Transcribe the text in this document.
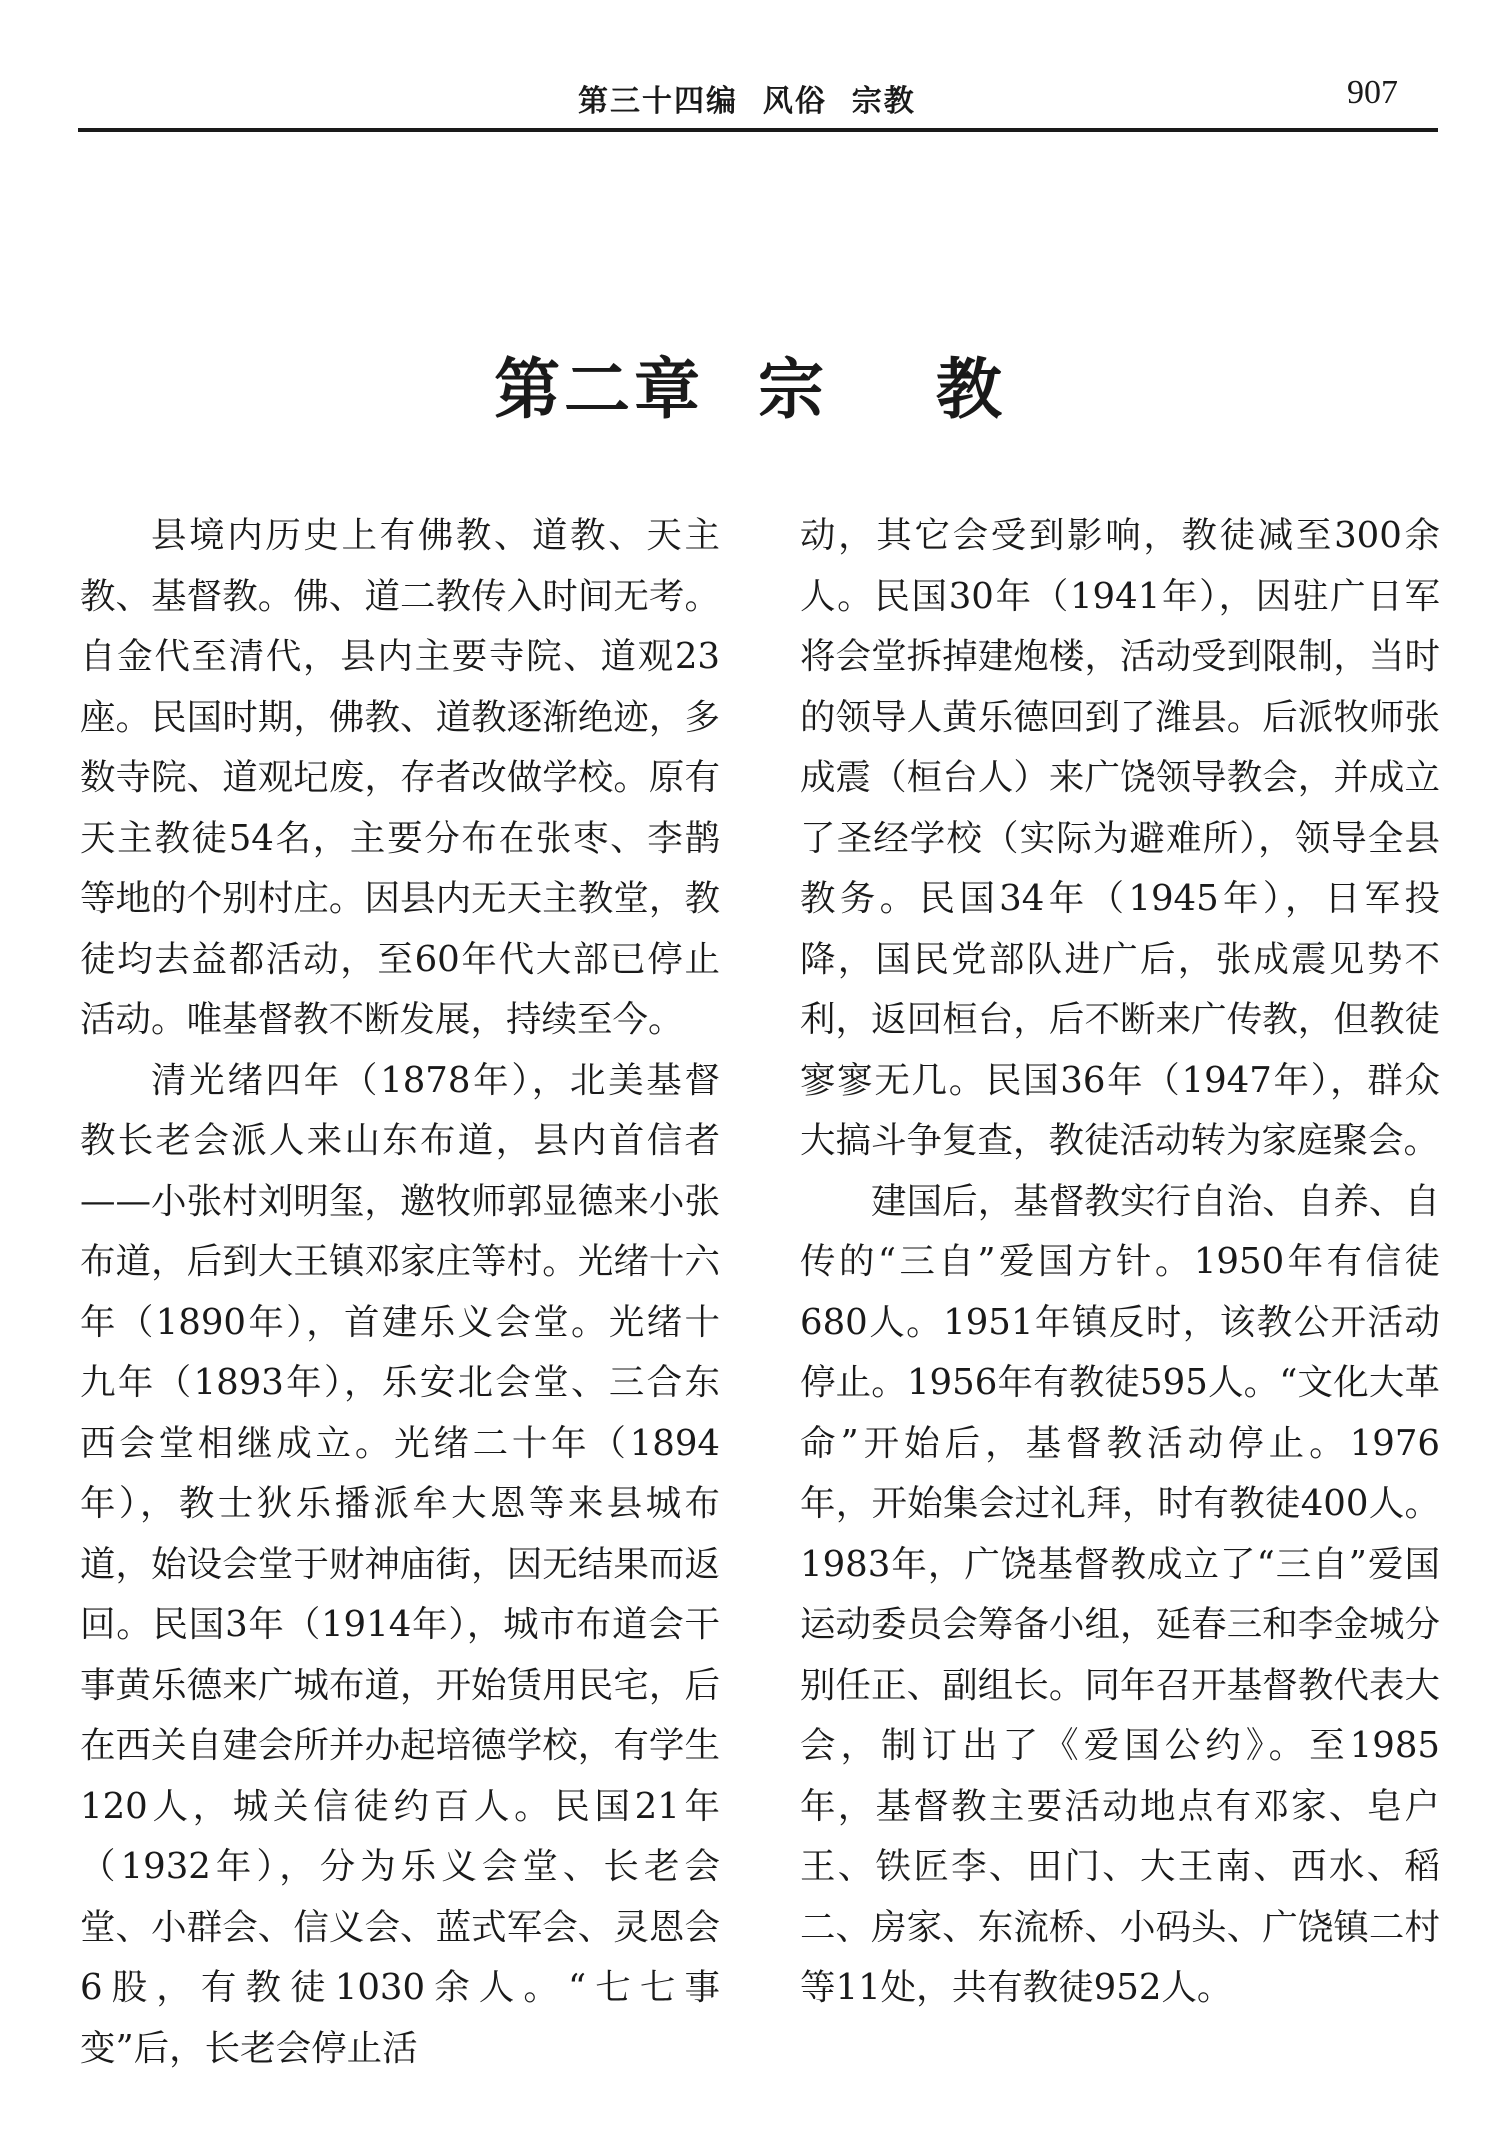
第三十四编  风俗  宗教	907
第二章  宗    教

县境内历史上有佛教、道教、天主教、基督教。佛、道二教传入时间无考。自金代至清代，县内主要寺院、道观23座。民国时期，佛教、道教逐渐绝迹，多数寺院、道观圮废，存者改做学校。原有天主教徒54名，主要分布在张枣、李鹊等地的个别村庄。因县内无天主教堂，教徒均去益都活动，至60年代大部已停止活动。唯基督教不断发展，持续至今。

清光绪四年（1878年），北美基督教长老会派人来山东布道，县内首信者——小张村刘明玺，邀牧师郭显德来小张布道，后到大王镇邓家庄等村。光绪十六年（1890年），首建乐义会堂。光绪十九年（1893年），乐安北会堂、三合东西会堂相继成立。光绪二十年（1894年），教士狄乐播派牟大恩等来县城布道，始设会堂于财神庙街，因无结果而返回。民国3年（1914年），城市布道会干事黄乐德来广城布道，开始赁用民宅，后在西关自建会所并办起培德学校，有学生120人，城关信徒约百人。民国21年（1932年），分为乐义会堂、长老会堂、小群会、信义会、蓝式军会、灵恩会6股，有教徒1030余人。“七七事变”后，长老会停止活

动，其它会受到影响，教徒减至300余人。民国30年（1941年），因驻广日军将会堂拆掉建炮楼，活动受到限制，当时的领导人黄乐德回到了潍县。后派牧师张成震（桓台人）来广饶领导教会，并成立了圣经学校（实际为避难所），领导全县教务。民国34年（1945年），日军投降，国民党部队进广后，张成震见势不利，返回桓台，后不断来广传教，但教徒寥寥无几。民国36年（1947年），群众大搞斗争复查，教徒活动转为家庭聚会。

建国后，基督教实行自治、自养、自传的“三自”爱国方针。1950年有信徒680人。1951年镇反时，该教公开活动停止。1956年有教徒595人。“文化大革命”开始后，基督教活动停止。1976年，开始集会过礼拜，时有教徒400人。1983年，广饶基督教成立了“三自”爱国运动委员会筹备小组，延春三和李金城分别任正、副组长。同年召开基督教代表大会，制订出了《爱国公约》。至1985年，基督教主要活动地点有邓家、皂户王、铁匠李、田门、大王南、西水、稻二、房家、东流桥、小码头、广饶镇二村等11处，共有教徒952人。
